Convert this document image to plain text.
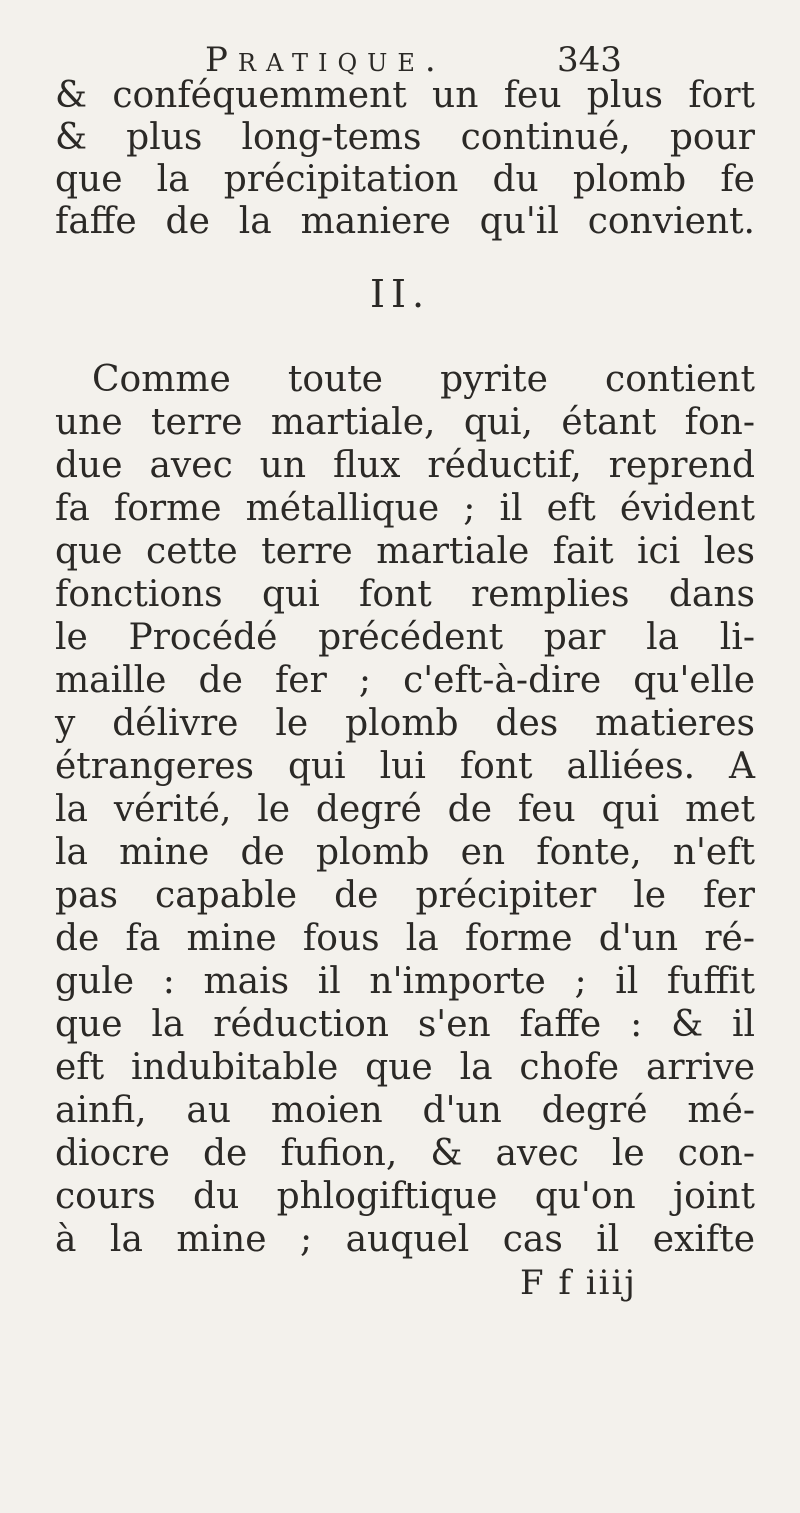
Pratique.	343
& conféquemment un feu plus fort
& plus long-tems continué, pour
que la précipitation du plomb fe
faffe de la maniere qu'il convient.
II.
Comme toute pyrite contient
une terre martiale, qui, étant fon-
due avec un flux réductif, reprend
fa forme métallique ; il eft évident
que cette terre martiale fait ici les
fonctions qui font remplies dans
le Procédé précédent par la li-
maille de fer ; c'eft-à-dire qu'elle
y délivre le plomb des matieres
étrangeres qui lui font alliées. A
la vérité, le degré de feu qui met
la mine de plomb en fonte, n'eft
pas capable de précipiter le fer
de fa mine fous la forme d'un ré-
gule : mais il n'importe ; il fuffit
que la réduction s'en faffe : & il
eft indubitable que la chofe arrive
ainfi, au moien d'un degré mé-
diocre de fufion, & avec le con-
cours du phlogiftique qu'on joint
à la mine ; auquel cas il exifte
F f iiij
